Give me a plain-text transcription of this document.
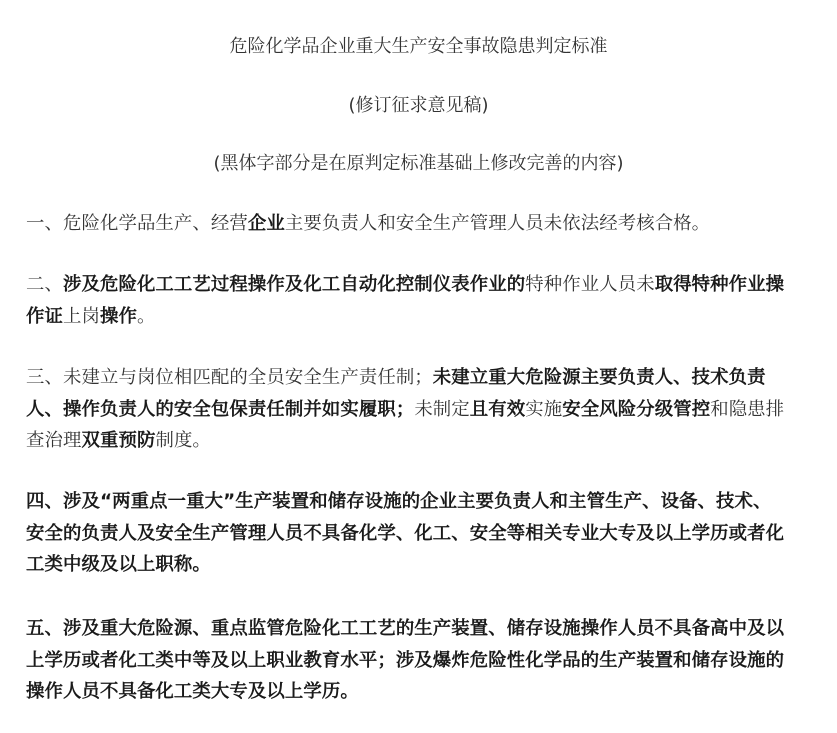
危险化学品企业重大生产安全事故隐患判定标准
(修订征求意见稿)
(黑体字部分是在原判定标准基础上修改完善的内容)
一、危险化学品生产、经营企业主要负责人和安全生产管理人员未依法经考核合格。
二、涉及危险化工工艺过程操作及化工自动化控制仪表作业的特种作业人员未取得特种作业操作证上岗操作。
三、未建立与岗位相匹配的全员安全生产责任制；未建立重大危险源主要负责人、技术负责人、操作负责人的安全包保责任制并如实履职；未制定且有效实施安全风险分级管控和隐患排查治理双重预防制度。
四、涉及“两重点一重大”生产装置和储存设施的企业主要负责人和主管生产、设备、技术、安全的负责人及安全生产管理人员不具备化学、化工、安全等相关专业大专及以上学历或者化工类中级及以上职称。
五、涉及重大危险源、重点监管危险化工工艺的生产装置、储存设施操作人员不具备高中及以上学历或者化工类中等及以上职业教育水平；涉及爆炸危险性化学品的生产装置和储存设施的操作人员不具备化工类大专及以上学历。
